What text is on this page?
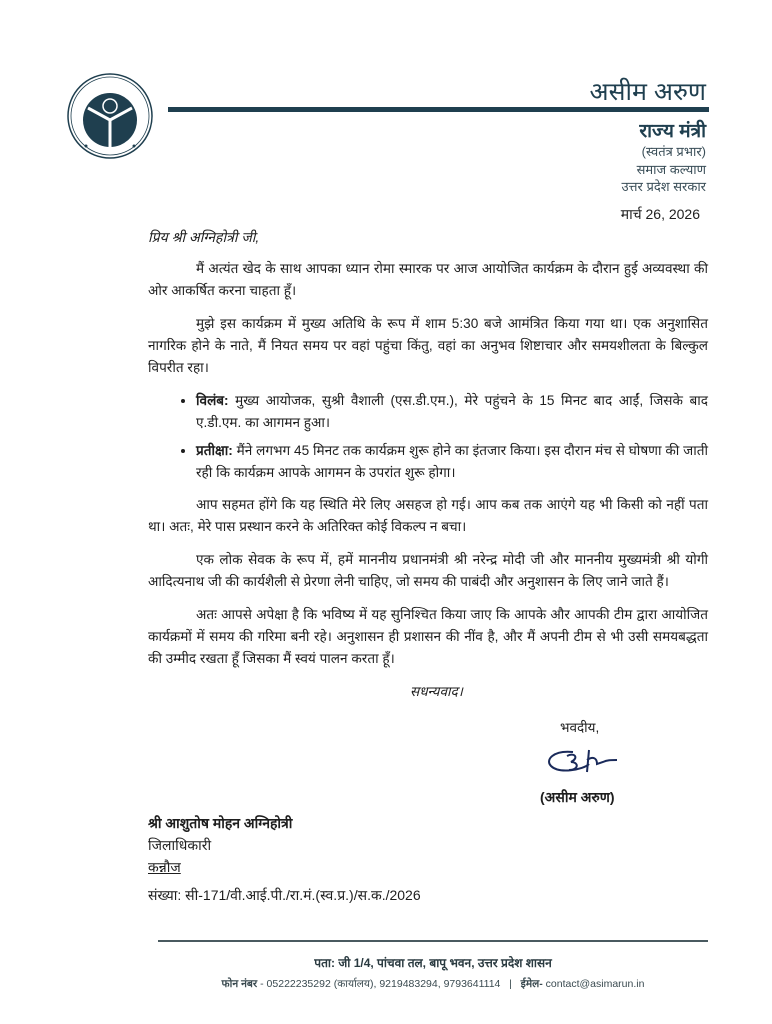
असीम अरुण
राज्य मंत्री
(स्वतंत्र प्रभार)
समाज कल्याण
उत्तर प्रदेश सरकार
मार्च 26, 2026
प्रिय श्री अग्निहोत्री जी,

मैं अत्यंत खेद के साथ आपका ध्यान रोमा स्मारक पर आज आयोजित कार्यक्रम के दौरान हुई अव्यवस्था की ओर आकर्षित करना चाहता हूँ।

मुझे इस कार्यक्रम में मुख्य अतिथि के रूप में शाम 5:30 बजे आमंत्रित किया गया था। एक अनुशासित नागरिक होने के नाते, मैं नियत समय पर वहां पहुंचा किंतु, वहां का अनुभव शिष्टाचार और समयशीलता के बिल्कुल विपरीत रहा।

• विलंब: मुख्य आयोजक, सुश्री वैशाली (एस.डी.एम.), मेरे पहुंचने के 15 मिनट बाद आईं, जिसके बाद ए.डी.एम. का आगमन हुआ।
• प्रतीक्षा: मैंने लगभग 45 मिनट तक कार्यक्रम शुरू होने का इंतजार किया। इस दौरान मंच से घोषणा की जाती रही कि कार्यक्रम आपके आगमन के उपरांत शुरू होगा।

आप सहमत होंगे कि यह स्थिति मेरे लिए असहज हो गई। आप कब तक आएंगे यह भी किसी को नहीं पता था। अतः, मेरे पास प्रस्थान करने के अतिरिक्त कोई विकल्प न बचा।

एक लोक सेवक के रूप में, हमें माननीय प्रधानमंत्री श्री नरेन्द्र मोदी जी और माननीय मुख्यमंत्री श्री योगी आदित्यनाथ जी की कार्यशैली से प्रेरणा लेनी चाहिए, जो समय की पाबंदी और अनुशासन के लिए जाने जाते हैं।

अतः आपसे अपेक्षा है कि भविष्य में यह सुनिश्चित किया जाए कि आपके और आपकी टीम द्वारा आयोजित कार्यक्रमों में समय की गरिमा बनी रहे। अनुशासन ही प्रशासन की नींव है, और मैं अपनी टीम से भी उसी समयबद्धता की उम्मीद रखता हूँ जिसका मैं स्वयं पालन करता हूँ।

सधन्यवाद।

भवदीय,
(असीम अरुण)
श्री आशुतोष मोहन अग्निहोत्री
जिलाधिकारी
कन्नौज
संख्या: सी-171/वी.आई.पी./रा.मं.(स्व.प्र.)/स.क./2026
पता: जी 1/4, पांचवा तल, बापू भवन, उत्तर प्रदेश शासन
फोन नंबर - 05222235292 (कार्यालय), 9219483294, 9793641114 | ईमेल- contact@asimarun.in
